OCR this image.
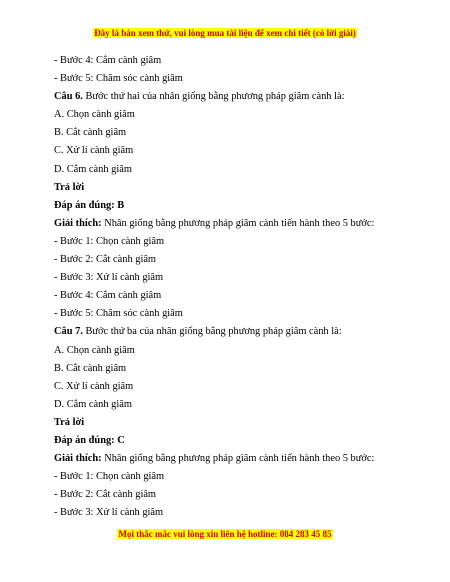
Đây là bản xem thử, vui lòng mua tài liệu để xem chi tiết (có lời giải)
- Bước 4: Cắm cành giâm
- Bước 5: Chăm sóc cành giâm
Câu 6. Bước thứ hai của nhân giống bằng phương pháp giâm cành là:
A. Chọn cành giâm
B. Cắt cành giâm
C. Xử lí cành giâm
D. Cắm cành giâm
Trả lời
Đáp án đúng: B
Giải thích: Nhân giống bằng phương pháp giâm cành tiến hành theo 5 bước:
- Bước 1: Chọn cành giâm
- Bước 2: Cắt cành giâm
- Bước 3: Xử lí cành giâm
- Bước 4: Cắm cành giâm
- Bước 5: Chăm sóc cành giâm
Câu 7. Bước thứ ba của nhân giống bằng phương pháp giâm cành là:
A. Chọn cành giâm
B. Cắt cành giâm
C. Xử lí cành giâm
D. Cắm cành giâm
Trả lời
Đáp án đúng: C
Giải thích: Nhân giống bằng phương pháp giâm cành tiến hành theo 5 bước:
- Bước 1: Chọn cành giâm
- Bước 2: Cắt cành giâm
- Bước 3: Xử lí cành giâm
Mọi thắc mắc vui lòng xin liên hệ hotline: 084 283 45 85
